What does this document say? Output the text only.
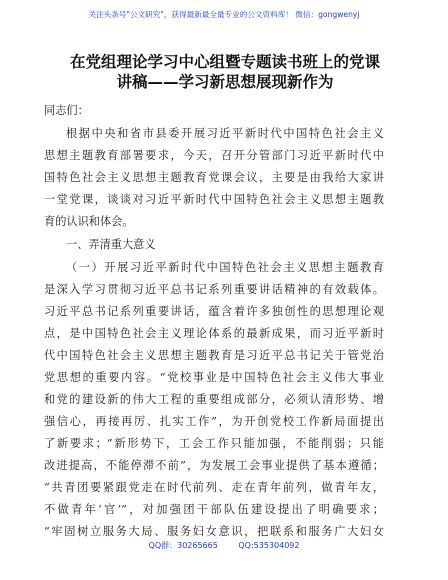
关注头条号"公文研究"，获得最新最全最专业的公文资料库！ 微信：gongwenyj
在党组理论学习中心组暨专题读书班上的党课
讲稿——学习新思想展现新作为
同志们：
根据中央和省市县委开展习近平新时代中国特色社会主义
思想主题教育部署要求，今天，召开分管部门习近平新时代中
国特色社会主义思想主题教育党课会议，主要是由我给大家讲
一堂党课，谈谈对习近平新时代中国特色社会主义思想主题教
育的认识和体会。
一、弄清重大意义
（一）开展习近平新时代中国特色社会主义思想主题教育
是深入学习贯彻习近平总书记系列重要讲话精神的有效载体。
习近平总书记系列重要讲话，蕴含着许多独创性的思想理论观
点，是中国特色社会主义理论体系的最新成果，而习近平新时
代中国特色社会主义思想主题教育是习近平总书记关于管党治
党思想的重要内容。“党校事业是中国特色社会主义伟大事业
和党的建设新的伟大工程的重要组成部分，必须认清形势、增
强信心，再接再厉、扎实工作”，为开创党校工作新局面提出
了新要求；“新形势下，工会工作只能加强，不能削弱；只能
改进提高，不能停滞不前”，为发展工会事业提供了基本遵循；
“共青团要紧跟党走在时代前列、走在青年前列，做青年友，
不做青年‘官’”，对加强团干部队伍建设提出了明确要求；
“牢固树立服务大局、服务妇女意识，把联系和服务广大妇女
QQ群：30265665	QQ:535304092
